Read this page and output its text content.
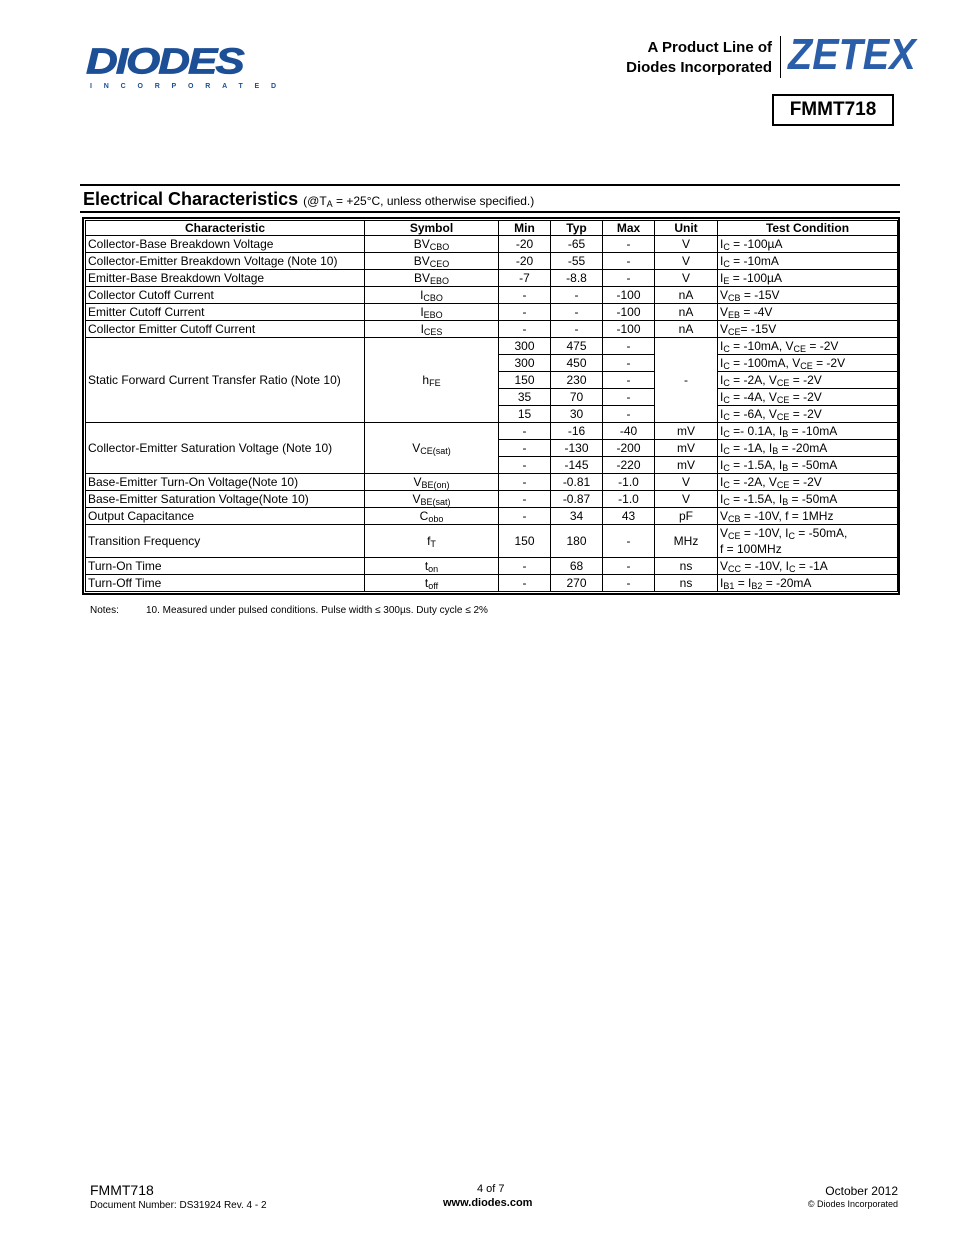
DIODES
INCORPORATED
A Product Line of
Diodes Incorporated ZETEX
FMMT718
Electrical Characteristics ($@T_A = +25^\circ C$, unless otherwise specified.)
Characteristic	Symbol	Min	Typ	Max	Unit	Test Condition
Collector-Base Breakdown Voltage	$BV_{CBO}$	-20	-65	-	V	$I_C = -100\mu A$
Collector-Emitter Breakdown Voltage (Note 10)	$BV_{CEO}$	-20	-55	-	V	$I_C = -10mA$
Emitter-Base Breakdown Voltage	$BV_{EBO}$	-7	-8.8	-	V	$I_E = -100\mu A$
Collector Cutoff Current	$I_{CBO}$	-	-	-100	nA	$V_{CB} = -15V$
Emitter Cutoff Current	$I_{EBO}$	-	-	-100	nA	$V_{EB} = -4V$
Collector Emitter Cutoff Current	$I_{CES}$	-	-	-100	nA	$V_{CE}= -15V$
Static Forward Current Transfer Ratio (Note 10)	$h_{FE}$	300	475	-	-	$I_C = -10mA$, $V_{CE} = -2V$
		300	450	-		$I_C = -100mA$, $V_{CE} = -2V$
		150	230	-		$I_C = -2A$, $V_{CE} = -2V$
		35	70	-		$I_C = -4A$, $V_{CE} = -2V$
		15	30	-		$I_C = -6A$, $V_{CE} = -2V$
Collector-Emitter Saturation Voltage (Note 10)	$V_{CE(sat)}$	-	-16	-40	mV	$I_C =- 0.1A$, $I_B = -10mA$
		-	-130	-200	mV	$I_C = -1A$, $I_B = -20mA$
		-	-145	-220	mV	$I_C = -1.5A$, $I_B = -50mA$
Base-Emitter Turn-On Voltage(Note 10)	$V_{BE(on)}$	-	-0.81	-1.0	V	$I_C = -2A$, $V_{CE} = -2V$
Base-Emitter Saturation Voltage(Note 10)	$V_{BE(sat)}$	-	-0.87	-1.0	V	$I_C = -1.5A$, $I_B = -50mA$
Output Capacitance	$C_{obo}$	-	34	43	pF	$V_{CB} = -10V$, f = 1MHz
Transition Frequency	$f_T$	150	180	-	MHz	$V_{CE} = -10V$, $I_C = -50mA$,
f = 100MHz
Turn-On Time	$t_{on}$	-	68	-	ns	$V_{CC} = -10V$, $I_C = -1A$
Turn-Off Time	$t_{off}$	-	270	-	ns	$I_{B1} = I_{B2} = -20mA$
Notes:	10. Measured under pulsed conditions. Pulse width ≤ 300µs. Duty cycle ≤ 2%
FMMT718
Document Number: DS31924 Rev. 4 - 2
4 of 7
www.diodes.com
October 2012
© Diodes Incorporated
